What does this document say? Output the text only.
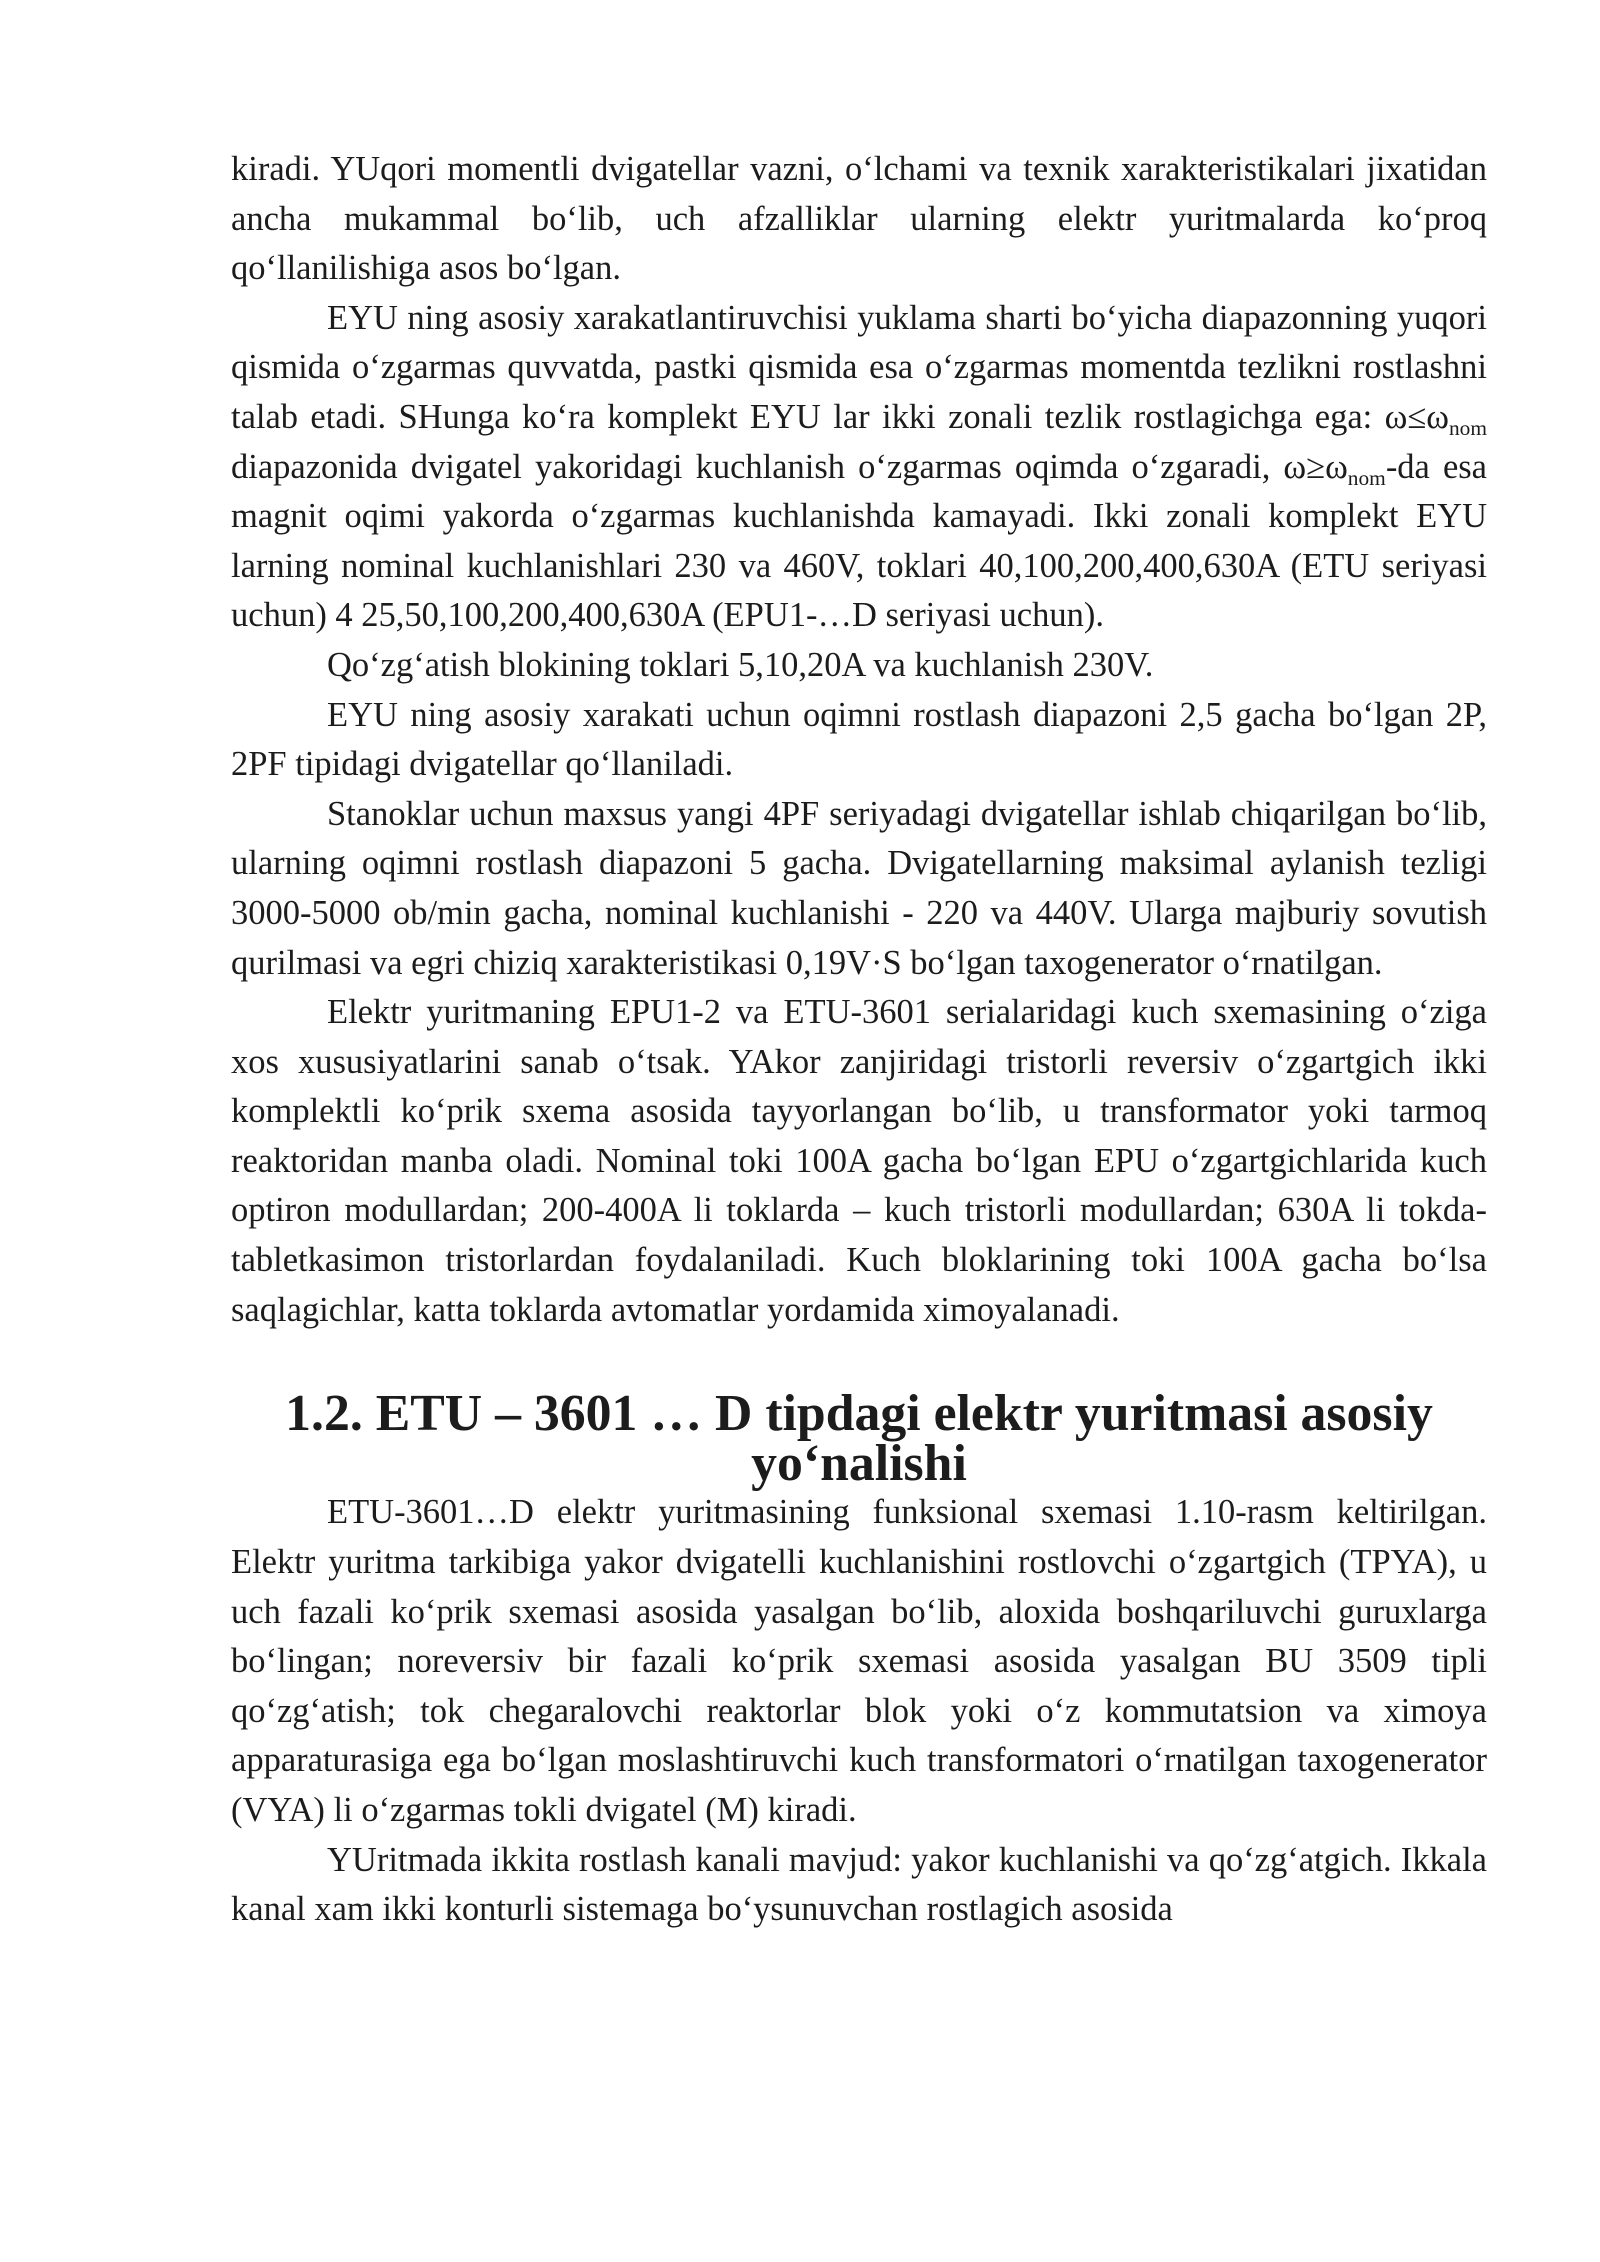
kiradi. YUqori momentli dvigatellar vazni, o‘lchami va texnik xarakteristikalari jixatidan ancha mukammal bo‘lib, uch afzalliklar ularning elektr yuritmalarda ko‘proq qo‘llanilishiga asos bo‘lgan.

EYU ning asosiy xarakatlantiruvchisi yuklama sharti bo‘yicha diapazonning yuqori qismida o‘zgarmas quvvatda, pastki qismida esa o‘zgarmas momentda tezlikni rostlashni talab etadi. SHunga ko‘ra komplekt EYU lar ikki zonali tezlik rostlagichga ega: $\omega\le\omega_{nom}$ diapazonida dvigatel yakoridagi kuchlanish o‘zgarmas oqimda o‘zgaradi, $\omega\ge\omega_{nom}-da$ esa magnit oqimi yakorda o‘zgarmas kuchlanishda kamayadi. Ikki zonali komplekt EYU larning nominal kuchlanishlari 230 va 460V, toklari 40,100,200,400,630A (ETU seriyasi uchun) 4 25,50,100,200,400,630A (EPU1-…D seriyasi uchun).

Qo‘zg‘atish blokining toklari 5,10,20A va kuchlanish 230V.

EYU ning asosiy xarakati uchun oqimni rostlash diapazoni 2,5 gacha bo‘lgan 2P, 2PF tipidagi dvigatellar qo‘llaniladi.

Stanoklar uchun maxsus yangi 4PF seriyadagi dvigatellar ishlab chiqarilgan bo‘lib, ularning oqimni rostlash diapazoni 5 gacha. Dvigatellarning maksimal aylanish tezligi 3000-5000 ob/min gacha, nominal kuchlanishi - 220 va 440V. Ularga majburiy sovutish qurilmasi va egri chiziq xarakteristikasi 0,19V·S bo‘lgan taxogenerator o‘rnatilgan.

Elektr yuritmaning EPU1-2 va ETU-3601 serialaridagi kuch sxemasining o‘ziga xos xususiyatlarini sanab o‘tsak. YAkor zanjiridagi tristorli reversiv o‘zgartgich ikki komplektli ko‘prik sxema asosida tayyorlangan bo‘lib, u transformator yoki tarmoq reaktoridan manba oladi. Nominal toki 100A gacha bo‘lgan EPU o‘zgartgichlarida kuch optiron modullardan; 200-400A li toklarda – kuch tristorli modullardan; 630A li tokda-tabletkasimon tristorlardan foydalaniladi. Kuch bloklarining toki 100A gacha bo‘lsa saqlagichlar, katta toklarda avtomatlar yordamida ximoyalanadi.

1.2. ETU – 3601 … D tipdagi elektr yuritmasi asosiy yo‘nalishi

ETU-3601…D elektr yuritmasining funksional sxemasi 1.10-rasm keltirilgan. Elektr yuritma tarkibiga yakor dvigatelli kuchlanishini rostlovchi o‘zgartgich (TPYA), u uch fazali ko‘prik sxemasi asosida yasalgan bo‘lib, aloxida boshqariluvchi guruxlarga bo‘lingan; noreversiv bir fazali ko‘prik sxemasi asosida yasalgan BU 3509 tipli qo‘zg‘atish; tok chegaralovchi reaktorlar blok yoki o‘z kommutatsion va ximoya apparaturasiga ega bo‘lgan moslashtiruvchi kuch transformatori o‘rnatilgan taxogenerator (VYA) li o‘zgarmas tokli dvigatel (M) kiradi.

YUritmada ikkita rostlash kanali mavjud: yakor kuchlanishi va qo‘zg‘atgich. Ikkala kanal xam ikki konturli sistemaga bo‘ysunuvchan rostlagich asosida
